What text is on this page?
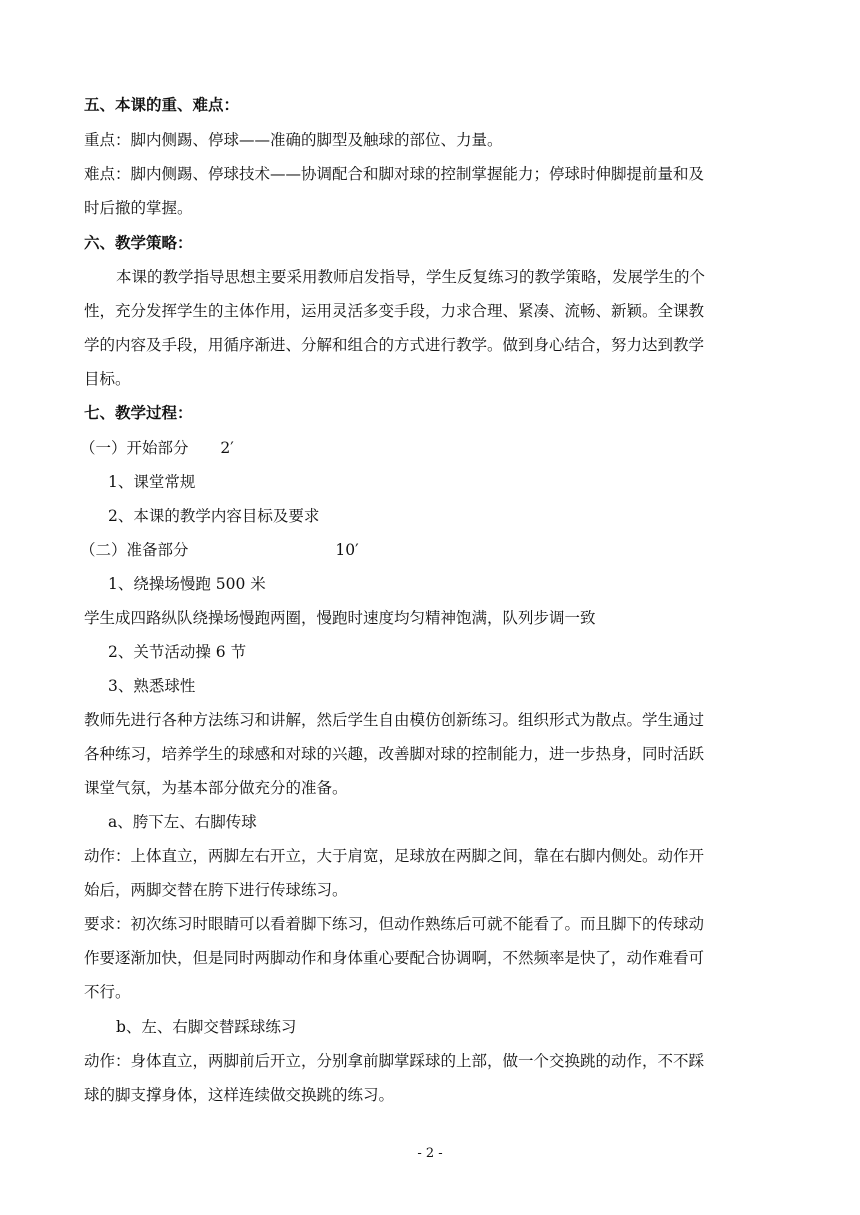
五、本课的重、难点：
重点：脚内侧踢、停球——准确的脚型及触球的部位、力量。
难点：脚内侧踢、停球技术——协调配合和脚对球的控制掌握能力；停球时伸脚提前量和及
时后撤的掌握。
六、教学策略：
本课的教学指导思想主要采用教师启发指导，学生反复练习的教学策略，发展学生的个
性，充分发挥学生的主体作用，运用灵活多变手段，力求合理、紧凑、流畅、新颖。全课教
学的内容及手段，用循序渐进、分解和组合的方式进行教学。做到身心结合，努力达到教学
目标。
七、教学过程：
（一）开始部分 2′
1、课堂常规
2、本课的教学内容目标及要求
（二）准备部分	10′
1、绕操场慢跑 500 米
学生成四路纵队绕操场慢跑两圈，慢跑时速度均匀精神饱满，队列步调一致
2、关节活动操 6 节
3、熟悉球性
教师先进行各种方法练习和讲解，然后学生自由模仿创新练习。组织形式为散点。学生通过
各种练习，培养学生的球感和对球的兴趣，改善脚对球的控制能力，进一步热身，同时活跃
课堂气氛，为基本部分做充分的准备。
a、胯下左、右脚传球
动作：上体直立，两脚左右开立，大于肩宽，足球放在两脚之间，靠在右脚内侧处。动作开
始后，两脚交替在胯下进行传球练习。
要求：初次练习时眼睛可以看着脚下练习，但动作熟练后可就不能看了。而且脚下的传球动
作要逐渐加快，但是同时两脚动作和身体重心要配合协调啊，不然频率是快了，动作难看可
不行。
b、左、右脚交替踩球练习
动作：身体直立，两脚前后开立，分别拿前脚掌踩球的上部，做一个交换跳的动作，不不踩
球的脚支撑身体，这样连续做交换跳的练习。
- 2 -
